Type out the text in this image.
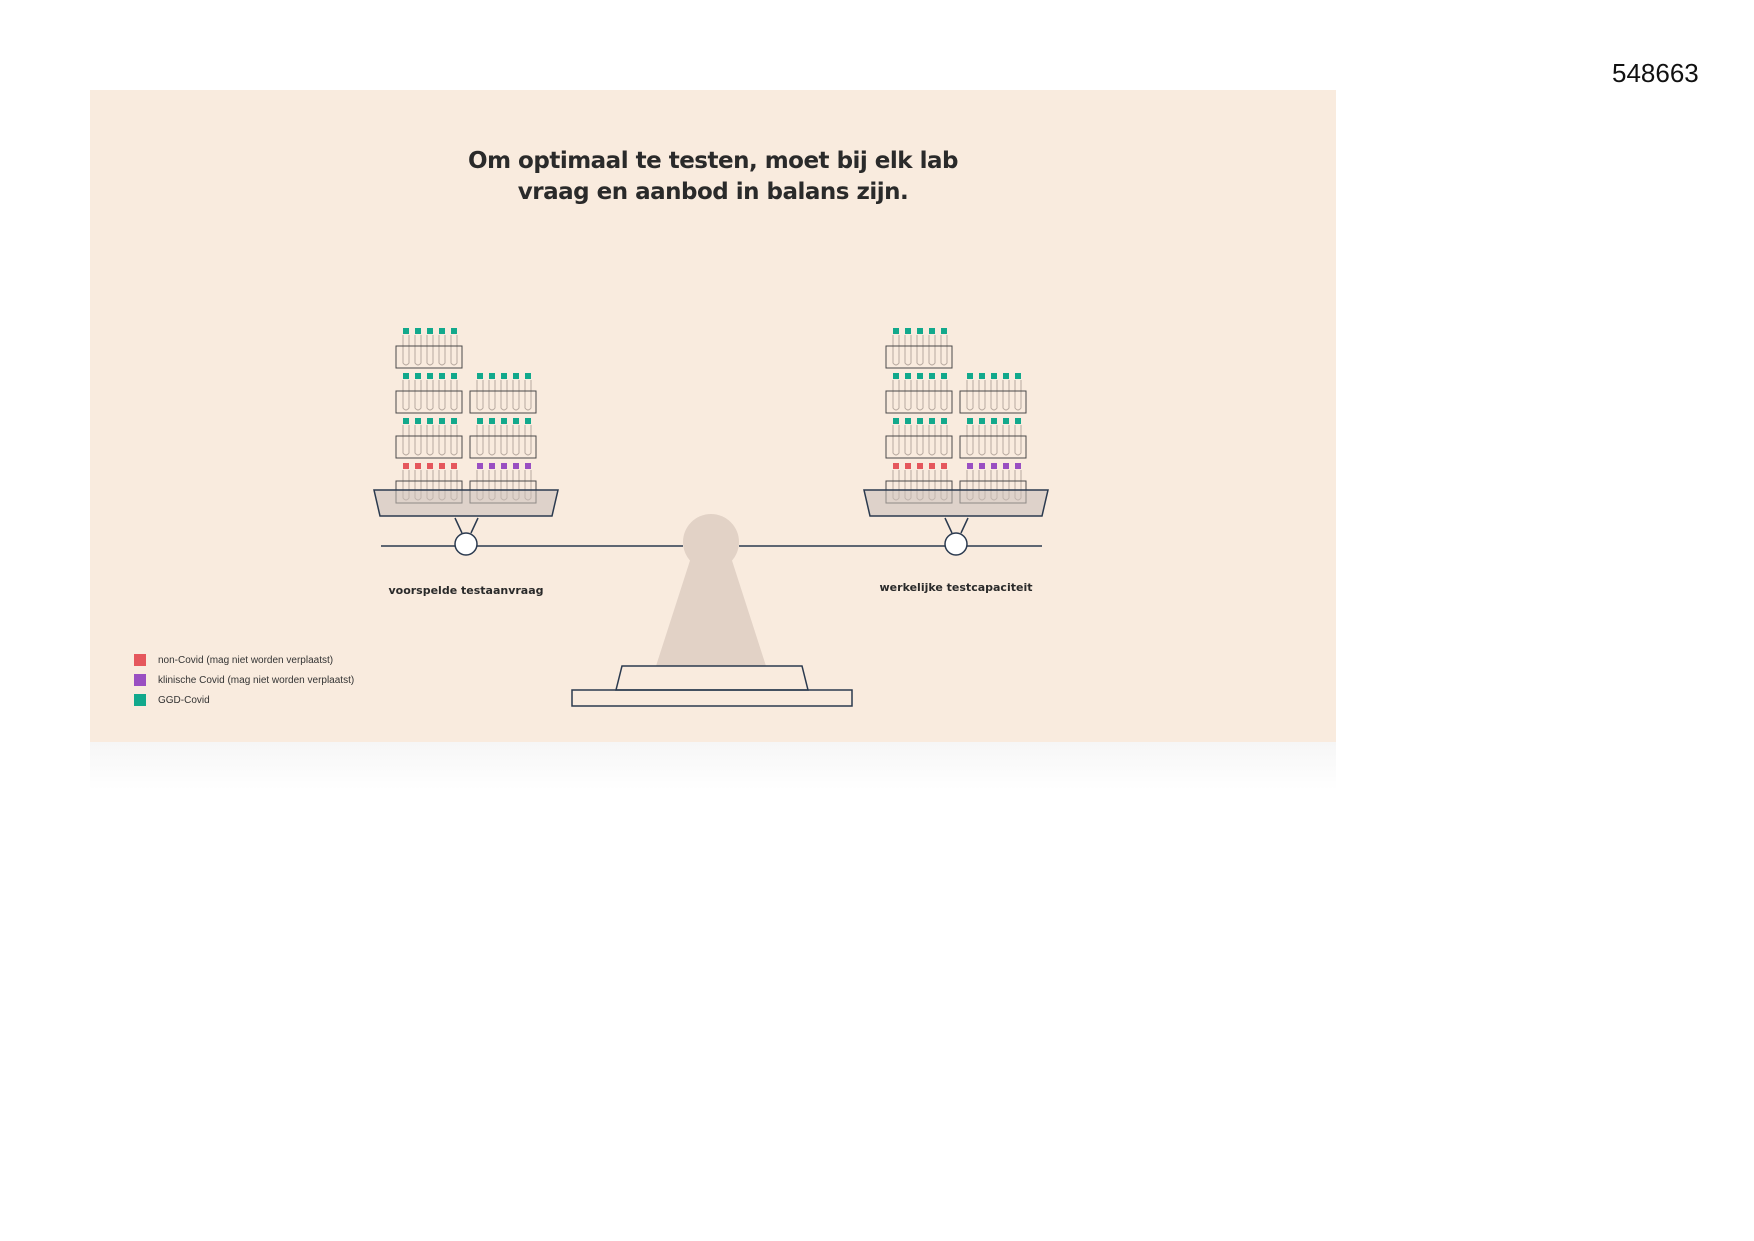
548663
Om optimaal te testen, moet bij elk lab
vraag en aanbod in balans zijn.
voorspelde testaanvraag	werkelijke testcapaciteit
non-Covid (mag niet worden verplaatst)
klinische Covid (mag niet worden verplaatst)
GGD-Covid
